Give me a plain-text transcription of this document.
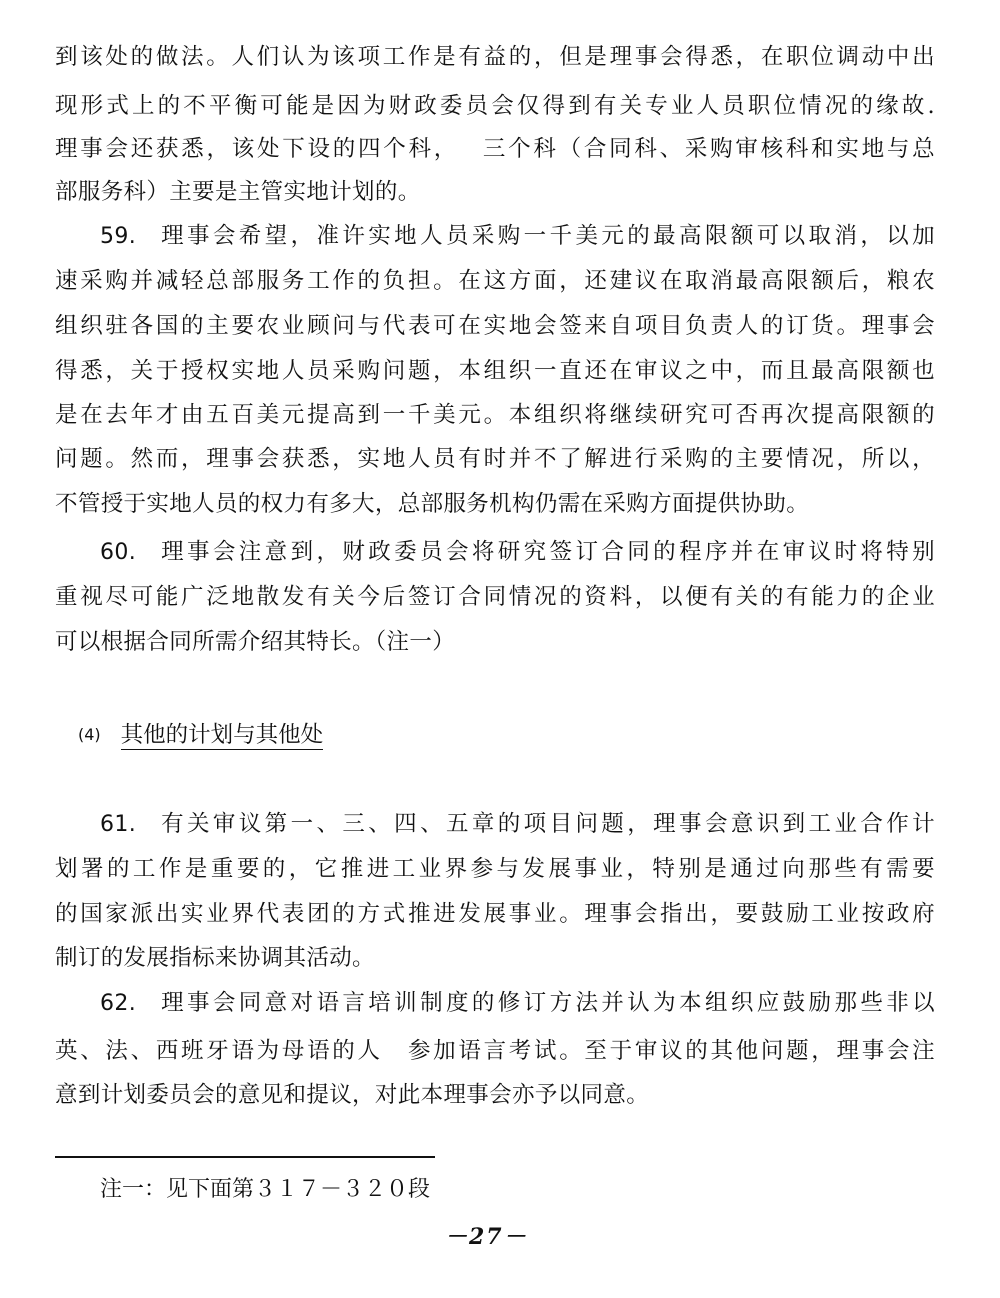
到该处的做法。人们认为该项工作是有益的，但是理事会得悉，在职位调动中出
现形式上的不平衡可能是因为财政委员会仅得到有关专业人员职位情况的缘故.
理事会还获悉，该处下设的四个科，　 三个科（合同科、采购审核科和实地与总
部服务科）主要是主管实地计划的。
59. 理事会希望，准许实地人员采购一千美元的最高限额可以取消，以加
速采购并减轻总部服务工作的负担。在这方面，还建议在取消最高限额后，粮农
组织驻各国的主要农业顾问与代表可在实地会签来自项目负责人的订货。理事会
得悉，关于授权实地人员采购问题，本组织一直还在审议之中，而且最高限额也
是在去年才由五百美元提高到一千美元。本组织将继续研究可否再次提高限额的
问题。然而，理事会获悉，实地人员有时并不了解进行采购的主要情况，所以，
不管授于实地人员的权力有多大，总部服务机构仍需在采购方面提供协助。
60. 理事会注意到，财政委员会将研究签订合同的程序并在审议时将特别
重视尽可能广泛地散发有关今后签订合同情况的资料，以便有关的有能力的企业
可以根据合同所需介绍其特长。（注一）
(4) 其他的计划与其他处
61. 有关审议第一、三、四、五章的项目问题，理事会意识到工业合作计
划署的工作是重要的，它推进工业界参与发展事业，特别是通过向那些有需要
的国家派出实业界代表团的方式推进发展事业。理事会指出，要鼓励工业按政府
制订的发展指标来协调其活动。
62. 理事会同意对语言培训制度的修订方法并认为本组织应鼓励那些非以
英、法、西班牙语为母语的人　参加语言考试。至于审议的其他问题，理事会注
意到计划委员会的意见和提议，对此本理事会亦予以同意。
注一：见下面第３１７－３２０段
－27－
